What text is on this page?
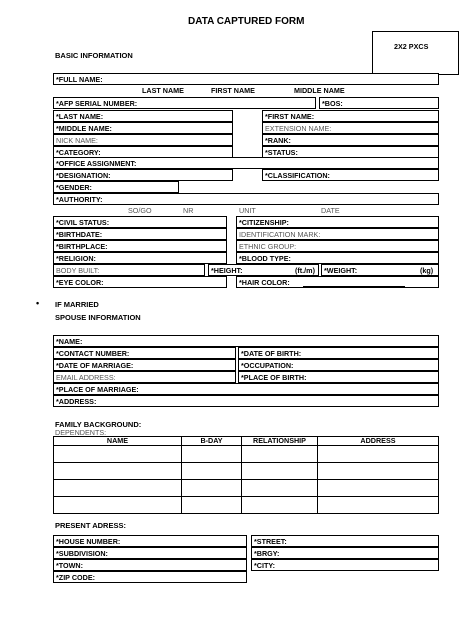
DATA CAPTURED FORM
2X2 PXCS
BASIC INFORMATION
*FULL NAME:
LAST NAME	FIRST NAME	MIDDLE NAME
*AFP SERIAL NUMBER:	*BOS:
*LAST NAME:	*FIRST NAME:
*MIDDLE NAME:	EXTENSION NAME:
NICK NAME:	*RANK:
*CATEGORY:	*STATUS:
*OFFICE ASSIGNMENT:
*DESIGNATION:	*CLASSIFICATION:
*GENDER:
*AUTHORITY:
SO/GO	NR	UNIT	DATE
*CIVIL STATUS:	*CITIZENSHIP:
*BIRTHDATE:	IDENTIFICATION MARK:
*BIRTHPLACE:	ETHNIC GROUP:
*RELIGION:	*BLOOD TYPE:
BODY BUILT:	*HEIGHT:	(ft./m) *WEIGHT:	(kg)
*EYE COLOR:	*HAIR COLOR:
• IF MARRIED
SPOUSE INFORMATION
*NAME:
*CONTACT NUMBER:	*DATE OF BIRTH:
*DATE OF MARRIAGE:	*OCCUPATION:
EMAIL ADDRESS:	*PLACE OF BIRTH:
*PLACE OF MARRIAGE:
*ADDRESS:
FAMILY BACKGROUND:
DEPENDENTS:
NAME	B-DAY	RELATIONSHIP	ADDRESS

PRESENT ADRESS:
*HOUSE NUMBER:	*STREET:
*SUBDIVISION:	*BRGY:
*TOWN:	*CITY:
*ZIP CODE:
